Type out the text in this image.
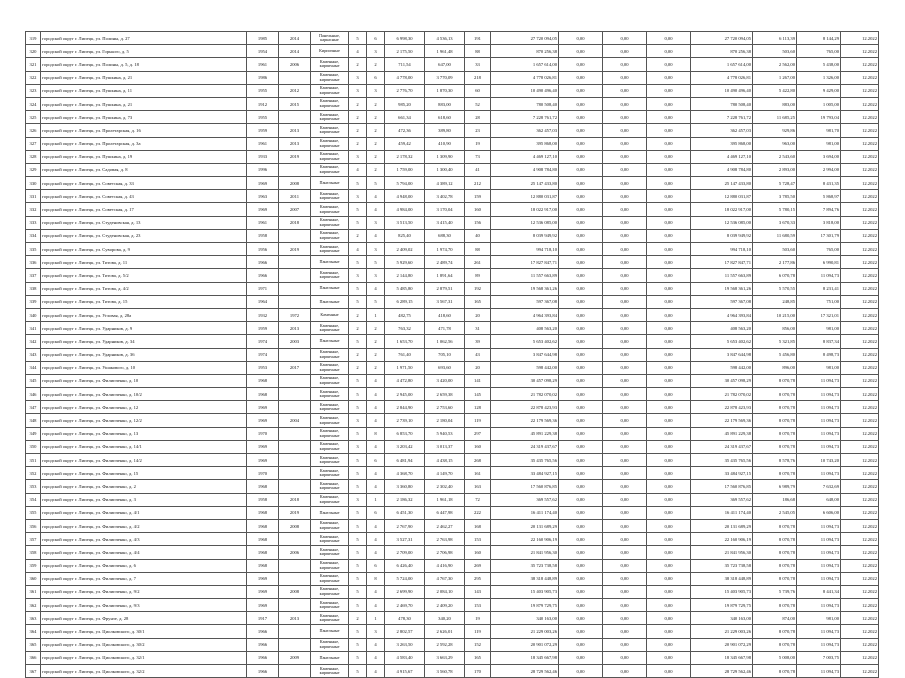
319	городской округ г. Липецк, ул. Полины, д. 27	1985	2014	Панельные, каркасные	5	6	6 998,30	4 536,13	191	27 720 094,05	0,00	0,00	0,00	27 720 094,05	6 113,39	8 144,29	12.2022
320	городской округ г. Липецк, ул. Горького, д. 5	1954	2014	Кирпичные	4	3	2 175,50	1 961,48	88	870 256,38	0,00	0,00	0,00	870 256,38	503,60	765,00	12.2022
321	городской округ г. Липецк, ул. Полины, д. 5, д. 18	1961	2006	Каменные, кирпичные	2	2	711,54	647,00	33	1 657 614,00	0,00	0,00	0,00	1 657 614,00	2 562,00	5 438,00	12.2022
322	городской округ г. Липецк, ул. Пушкина, д. 21	1986		Каменные, кирпичные	3	6	4 778,00	3 770,09	218	4 778 026,81	0,00	0,00	0,00	4 778 026,81	1 267,00	1 326,00	12.2022
323	городской округ г. Липецк, ул. Пушкина, д. 11	1955	2012	Каменные, кирпичные	3	3	2 776,70	1 870,30	60	10 490 496,40	0,00	0,00	0,00	10 490 496,40	5 422,80	9 429,00	12.2022
324	городской округ г. Липецк, ул. Пушкина, д. 21	1912	2015	Каменные, кирпичные	2	2	985,20	883,00	52	780 508,40	0,00	0,00	0,00	780 508,40	883,00	1 005,00	12.2022
325	городской округ г. Липецк, ул. Пушкина, д. 73	1955		Каменные, кирпичные	2	2	661,34	618,60	28	7 228 761,72	0,00	0,00	0,00	7 228 761,72	11 685,25	19 793,04	12.2022
326	городской округ г. Липецк, ул. Пролетарская, д. 16	1959	2013	Каменные, кирпичные	2	2	472,36	389,80	23	362 457,03	0,00	0,00	0,00	362 457,03	929,86	981,70	12.2022
327	городской округ г. Липецк, ул. Пролетарская, д. 3а	1961	2013	Каменные, кирпичные	2	2	459,42	410,90	19	395 868,00	0,00	0,00	0,00	395 868,00	963,00	981,00	12.2022
328	городской округ г. Липецк, ул. Пушкина, д. 19	1933	2019	Каменные, кирпичные	3	2	2 178,32	1 309,90	73	4 469 127,10	0,00	0,00	0,00	4 469 127,10	2 543,60	3 694,00	12.2022
329	городской округ г. Липецк, ул. Садовая, д. 8	1996		Каменные, кирпичные	4	2	1 759,00	1 300,40	41	4 908 784,80	0,00	0,00	0,00	4 908 784,80	2 893,00	2 994,00	12.2022
330	городской округ г. Липецк, ул. Советская, д. 33	1969	2008	Панельные	5	5	5 794,00	4 389,12	212	25 147 433,80	0,00	0,00	0,00	25 147 433,80	5 728,47	8 431,35	12.2022
331	городской округ г. Липецк, ул. Советская, д. 43	1963	2011	Каменные, кирпичные	3	4	4 948,00	3 402,78	159	12 880 031,87	0,00	0,00	0,00	12 880 031,87	3 785,50	5 868,97	12.2022
332	городской округ г. Липецк, ул. Советская, д. 17	1969	2007	Каменные, кирпичные	5	4	4 984,00	3 170,04	160	18 022 917,00	0,00	0,00	0,00	18 022 917,00	5 780,15	7 894,76	12.2022
333	городской округ г. Липецк, ул. Студеновская, д. 13	1961	2018	Каменные, кирпичные	5	3	3 513,50	3 415,40	156	12 536 085,00	0,00	0,00	0,00	12 536 085,00	3 670,33	3 818,00	12.2022
334	городской округ г. Липецк, ул. Студеновская, д. 23	1958		Каменные, кирпичные	2	4	825,40	688,30	40	8 039 949,92	0,00	0,00	0,00	8 039 949,92	11 680,59	17 301,79	12.2022
335	городской округ г. Липецк, ул. Суворова, д. 9	1956	2019	Каменные, кирпичные	4	3	2 409,02	1 974,70	88	994 718,10	0,00	0,00	0,00	994 718,10	503,60	765,00	12.2022
336	городской округ г. Липецк, ул. Титова, д. 11	1966		Панельные	5	5	5 929,60	2 489,74	261	17 827 847,71	0,00	0,00	0,00	17 827 847,71	2 177,86	6 990,81	12.2022
337	городской округ г. Липецк, ул. Титова, д. 5/2	1966		Каменные, кирпичные	3	3	2 144,80	1 891,64	89	11 557 663,89	0,00	0,00	0,00	11 557 663,89	6 070,78	11 094,73	12.2022
338	городской округ г. Липецк, ул. Титова, д. 4/2	1971		Панельные	5	4	5 485,80	2 879,51	192	19 568 361,26	0,00	0,00	0,00	19 568 361,26	5 570,55	8 231,41	12.2022
339	городской округ г. Липецк, ул. Титова, д. 15	1964		Панельные	5	5	6 289,15	3 567,31	165	597 367,08	0,00	0,00	0,00	597 367,08	248,85	751,00	12.2022
340	городской округ г. Липецк, ул. Угловая, д. 28а	1932	1972	Каменные	2	1	482,75	418,60	20	4 964 393,84	0,00	0,00	0,00	4 964 393,84	10 215,00	17 321,01	12.2022
341	городской округ г. Липецк, ул. Ударников, д. 9	1959	2013	Каменные, кирпичные	2	2	763,32	471,78	31	408 563,20	0,00	0,00	0,00	408 563,20	856,00	981,00	12.2022
342	городской округ г. Липецк, ул. Ударников, д. 34	1974	2003	Панельные	5	2	1 653,70	1 062,56	39	5 653 402,62	0,00	0,00	0,00	5 653 402,62	5 321,85	8 837,34	12.2022
343	городской округ г. Липецк, ул. Ударников, д. 36	1974		Каменные, кирпичные	2	2	761,40	705,10	43	3 847 644,98	0,00	0,00	0,00	3 847 644,98	5 456,80	8 498,73	12.2022
344	городской округ г. Липецк, ул. Ушакового, д. 10	1953	2017	Каменные, кирпичные	2	2	1 971,50	693,60	20	598 442,00	0,00	0,00	0,00	598 442,00	896,00	981,00	12.2022
345	городской округ г. Липецк, ул. Филипченко, д. 10	1968		Каменные, кирпичные	5	4	4 472,80	3 420,00	141	30 457 098,29	0,00	0,00	0,00	30 457 098,29	8 070,78	11 094,73	12.2022
346	городской округ г. Липецк, ул. Филипченко, д. 10/2	1968		Каменные, кирпичные	5	4	2 945,00	2 659,38	145	21 782 070,02	0,00	0,00	0,00	21 782 070,02	8 070,78	11 094,73	12.2022
347	городской округ г. Липецк, ул. Филипченко, д. 12	1969		Каменные, кирпичные	5	4	2 844,90	2 753,60	128	22 878 423,93	0,00	0,00	0,00	22 878 423,93	8 070,78	11 094,73	12.2022
348	городской округ г. Липецк, ул. Филипченко, д. 12/2	1969	2004	Каменные, кирпичные	3	4	2 739,10	2 180,04	119	22 179 569,36	0,00	0,00	0,00	22 179 569,36	8 070,78	11 094,73	12.2022
349	городской округ г. Липецк, ул. Филипченко, д. 13	1970		Каменные, кирпичные	5	8	6 853,70	5 940,53	297	45 891 229,38	0,00	0,00	0,00	45 891 229,38	8 070,78	11 094,73	12.2022
350	городской округ г. Липецк, ул. Филипченко, д. 14/1	1969		Каменные, кирпичные	3	4	3 203,42	3 013,37	160	24 319 437,67	0,00	0,00	0,00	24 319 437,67	8 070,78	11 094,73	12.2022
351	городской округ г. Липецк, ул. Филипченко, д. 14/2	1969		Каменные, кирпичные	5	6	6 481,94	4 438,15	268	35 435 765,56	0,00	0,00	0,00	35 435 765,56	8 578,76	10 743,20	12.2022
352	городской округ г. Липецк, ул. Филипченко, д. 15	1970		Каменные, кирпичные	5	4	4 368,70	4 149,70	161	33 484 927,15	0,00	0,00	0,00	33 484 927,15	8 070,78	11 094,73	12.2022
353	городской округ г. Липецк, ул. Филипченко, д. 2	1968		Каменные, кирпичные	5	4	3 360,80	2 302,40	163	17 560 876,85	0,00	0,00	0,00	17 560 876,85	6 989,79	7 632,69	12.2022
354	городской округ г. Липецк, ул. Филипченко, д. 3	1958	2018	Каменные, кирпичные	3	1	2 186,32	1 961,18	72	369 557,62	0,00	0,00	0,00	369 557,62	186,68	648,00	12.2022
355	городской округ г. Липецк, ул. Филипченко, д. 4/1	1968	2019	Панельные	5	6	6 451,30	6 447,98	222	16 411 174,40	0,00	0,00	0,00	16 411 174,40	2 545,05	6 606,00	12.2022
356	городской округ г. Липецк, ул. Филипченко, д. 4/2	1968	2008	Каменные, кирпичные	5	4	2 767,90	2 462,27	168	20 131 689,29	0,00	0,00	0,00	20 131 689,29	8 070,78	11 094,73	12.2022
357	городской округ г. Липецк, ул. Филипченко, д. 4/3	1968		Каменные, кирпичные	5	4	3 527,31	2 763,98	153	22 160 906,19	0,00	0,00	0,00	22 160 906,19	8 070,78	11 094,73	12.2022
358	городской округ г. Липецк, ул. Филипченко, д. 4/4	1968	2006	Каменные, кирпичные	5	4	2 709,00	2 706,98	160	21 841 956,30	0,00	0,00	0,00	21 841 956,30	8 070,78	11 094,73	12.2022
359	городской округ г. Липецк, ул. Филипченко, д. 6	1968		Каменные, кирпичные	5	6	6 426,40	4 416,90	269	35 723 738,58	0,00	0,00	0,00	35 723 738,58	8 070,78	11 094,73	12.2022
360	городской округ г. Липецк, ул. Филипченко, д. 7	1969		Каменные, кирпичные	5	8	5 724,00	4 767,30	295	38 318 448,89	0,00	0,00	0,00	38 318 448,89	8 070,78	11 094,73	12.2022
361	городской округ г. Липецк, ул. Филипченко, д. 9/2	1969	2008	Каменные, кирпичные	5	4	2 699,90	2 084,10	143	15 403 905,73	0,00	0,00	0,00	15 403 905,73	5 739,76	8 441,34	12.2022
362	городской округ г. Липецк, ул. Филипченко, д. 9/3	1969		Каменные, кирпичные	5	4	2 469,70	2 409,20	153	19 879 729,75	0,00	0,00	0,00	19 879 729,75	8 070,78	11 094,73	12.2022
363	городской округ г. Липецк, ул. Фрунзе, д. 28	1917	2013	Каменные, кирпичные	2	1	478,30	340,20	19	340 163,00	0,00	0,00	0,00	340 163,00	874,00	981,00	12.2022
364	городской округ г. Липецк, ул. Циолковского, д. 30/1	1966		Панельные	5	3	2 802,57	2 626,01	119	21 229 003,26	0,00	0,00	0,00	21 229 003,26	8 070,78	11 094,73	12.2022
365	городской округ г. Липецк, ул. Циолковского, д. 30/2	1966		Каменные, кирпичные	5	4	3 263,50	2 592,28	152	20 901 072,29	0,00	0,00	0,00	20 901 072,29	8 070,78	11 094,73	12.2022
366	городской округ г. Липецк, ул. Циолковского, д. 32/1	1966	2009	Панельные	5	4	4 583,40	3 663,29	165	18 345 667,98	0,00	0,00	0,00	18 345 667,98	5 008,00	7 003,75	12.2022
367	городской округ г. Липецк, ул. Циолковского, д. 32/2	1966		Каменные, кирпичные	5	4	4 915,67	3 560,78	170	28 729 562,46	0,00	0,00	0,00	28 729 562,46	8 070,78	11 094,73	12.2022
